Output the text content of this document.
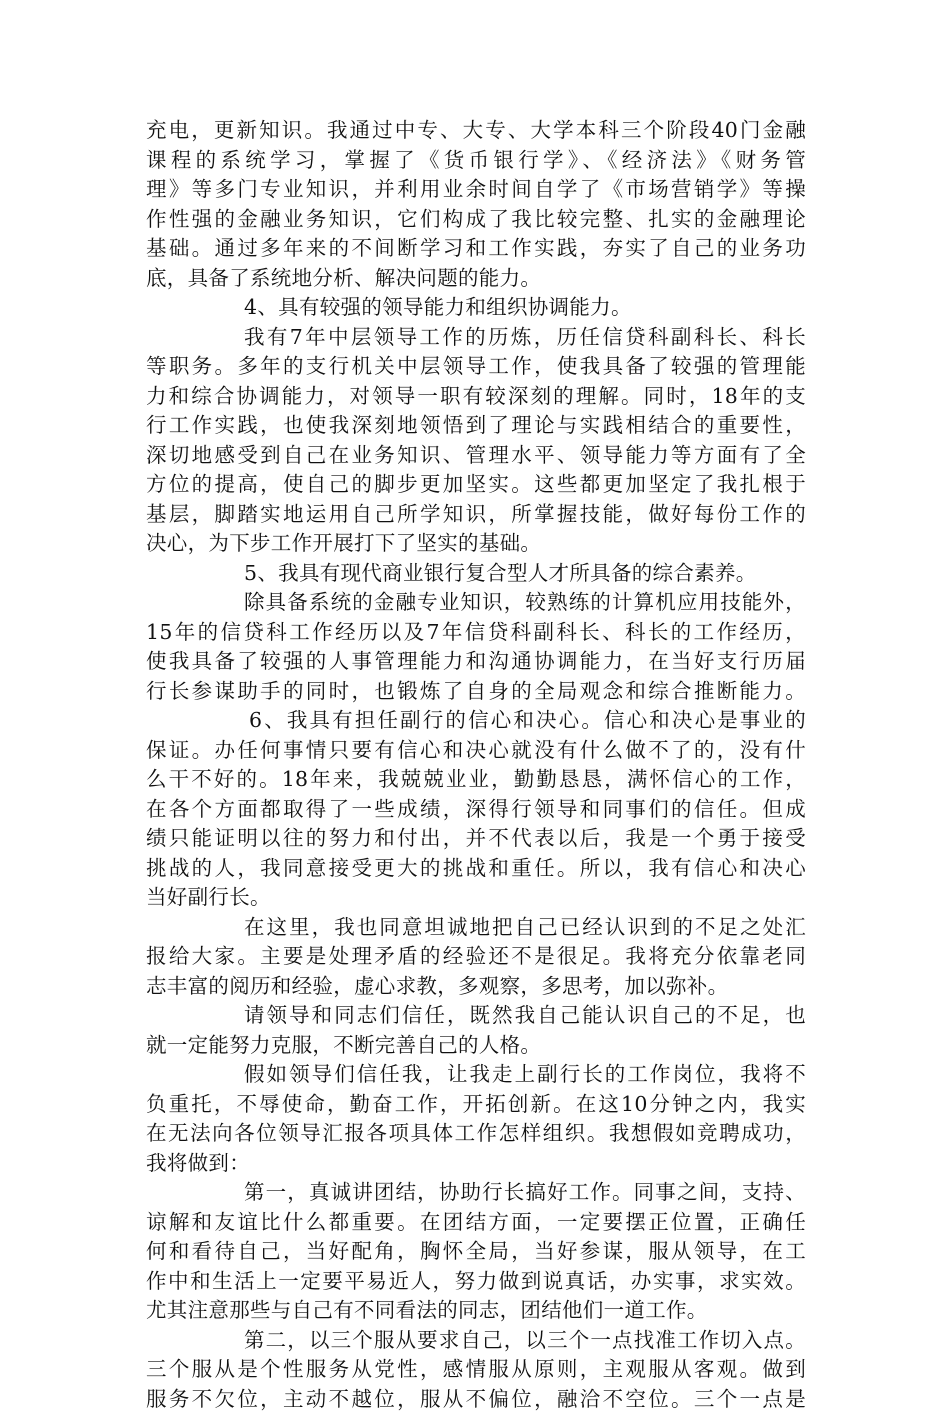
充电，更新知识。我通过中专、大专、大学本科三个阶段40门金融
课程的系统学习，掌握了《货币银行学》、《经济法》《财务管
理》等多门专业知识，并利用业余时间自学了《市场营销学》等操
作性强的金融业务知识，它们构成了我比较完整、扎实的金融理论
基础。通过多年来的不间断学习和工作实践，夯实了自己的业务功
底，具备了系统地分析、解决问题的能力。
4、具有较强的领导能力和组织协调能力。
我有7年中层领导工作的历炼，历任信贷科副科长、科长
等职务。多年的支行机关中层领导工作，使我具备了较强的管理能
力和综合协调能力，对领导一职有较深刻的理解。同时，18年的支
行工作实践，也使我深刻地领悟到了理论与实践相结合的重要性，
深切地感受到自己在业务知识、管理水平、领导能力等方面有了全
方位的提高，使自己的脚步更加坚实。这些都更加坚定了我扎根于
基层，脚踏实地运用自己所学知识，所掌握技能，做好每份工作的
决心，为下步工作开展打下了坚实的基础。
5、我具有现代商业银行复合型人才所具备的综合素养。
除具备系统的金融专业知识，较熟练的计算机应用技能外，
15年的信贷科工作经历以及7年信贷科副科长、科长的工作经历，
使我具备了较强的人事管理能力和沟通协调能力，在当好支行历届
行长参谋助手的同时，也锻炼了自身的全局观念和综合推断能力。
6、我具有担任副行的信心和决心。信心和决心是事业的
保证。办任何事情只要有信心和决心就没有什么做不了的，没有什
么干不好的。18年来，我兢兢业业，勤勤恳恳，满怀信心的工作，
在各个方面都取得了一些成绩，深得行领导和同事们的信任。但成
绩只能证明以往的努力和付出，并不代表以后，我是一个勇于接受
挑战的人，我同意接受更大的挑战和重任。所以，我有信心和决心
当好副行长。
在这里，我也同意坦诚地把自己已经认识到的不足之处汇
报给大家。主要是处理矛盾的经验还不是很足。我将充分依靠老同
志丰富的阅历和经验，虚心求教，多观察，多思考，加以弥补。
请领导和同志们信任，既然我自己能认识自己的不足，也
就一定能努力克服，不断完善自己的人格。
假如领导们信任我，让我走上副行长的工作岗位，我将不
负重托，不辱使命，勤奋工作，开拓创新。在这10分钟之内，我实
在无法向各位领导汇报各项具体工作怎样组织。我想假如竞聘成功，
我将做到：
第一，真诚讲团结，协助行长搞好工作。同事之间，支持、
谅解和友谊比什么都重要。在团结方面，一定要摆正位置，正确任
何和看待自己，当好配角，胸怀全局，当好参谋，服从领导，在工
作中和生活上一定要平易近人，努力做到说真话，办实事，求实效。
尤其注意那些与自己有不同看法的同志，团结他们一道工作。
第二，以三个服从要求自己，以三个一点找准工作切入点。
三个服从是个性服务从党性，感情服从原则，主观服从客观。做到
服务不欠位，主动不越位，服从不偏位，融洽不空位。三个一点是
